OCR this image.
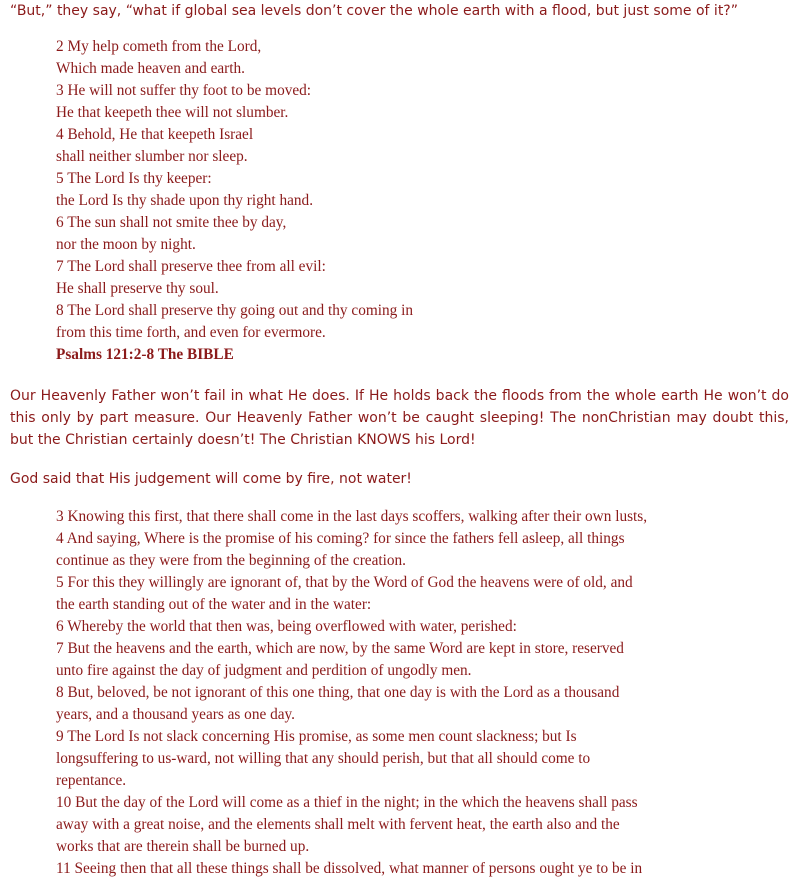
“But,” they say, “what if global sea levels don’t cover the whole earth with a flood, but just some of it?”
2 My help cometh from the Lord,
Which made heaven and earth.
3 He will not suffer thy foot to be moved:
He that keepeth thee will not slumber.
4 Behold, He that keepeth Israel
shall neither slumber nor sleep.
5 The Lord Is thy keeper:
the Lord Is thy shade upon thy right hand.
6 The sun shall not smite thee by day,
nor the moon by night.
7 The Lord shall preserve thee from all evil:
He shall preserve thy soul.
8 The Lord shall preserve thy going out and thy coming in
from this time forth, and even for evermore.
Psalms 121:2-8 The BIBLE
Our Heavenly Father won’t fail in what He does. If He holds back the floods from the whole earth He won’t do this only by part measure. Our Heavenly Father won’t be caught sleeping! The nonChristian may doubt this, but the Christian certainly doesn’t! The Christian KNOWS his Lord!
God said that His judgement will come by fire, not water!
3 Knowing this first, that there shall come in the last days scoffers, walking after their own lusts,
4 And saying, Where is the promise of his coming? for since the fathers fell asleep, all things
continue as they were from the beginning of the creation.
5 For this they willingly are ignorant of, that by the Word of God the heavens were of old, and
the earth standing out of the water and in the water:
6 Whereby the world that then was, being overflowed with water, perished:
7 But the heavens and the earth, which are now, by the same Word are kept in store, reserved
unto fire against the day of judgment and perdition of ungodly men.
8 But, beloved, be not ignorant of this one thing, that one day is with the Lord as a thousand
years, and a thousand years as one day.
9 The Lord Is not slack concerning His promise, as some men count slackness; but Is
longsuffering to us-ward, not willing that any should perish, but that all should come to
repentance.
10 But the day of the Lord will come as a thief in the night; in the which the heavens shall pass
away with a great noise, and the elements shall melt with fervent heat, the earth also and the
works that are therein shall be burned up.
11 Seeing then that all these things shall be dissolved, what manner of persons ought ye to be in
